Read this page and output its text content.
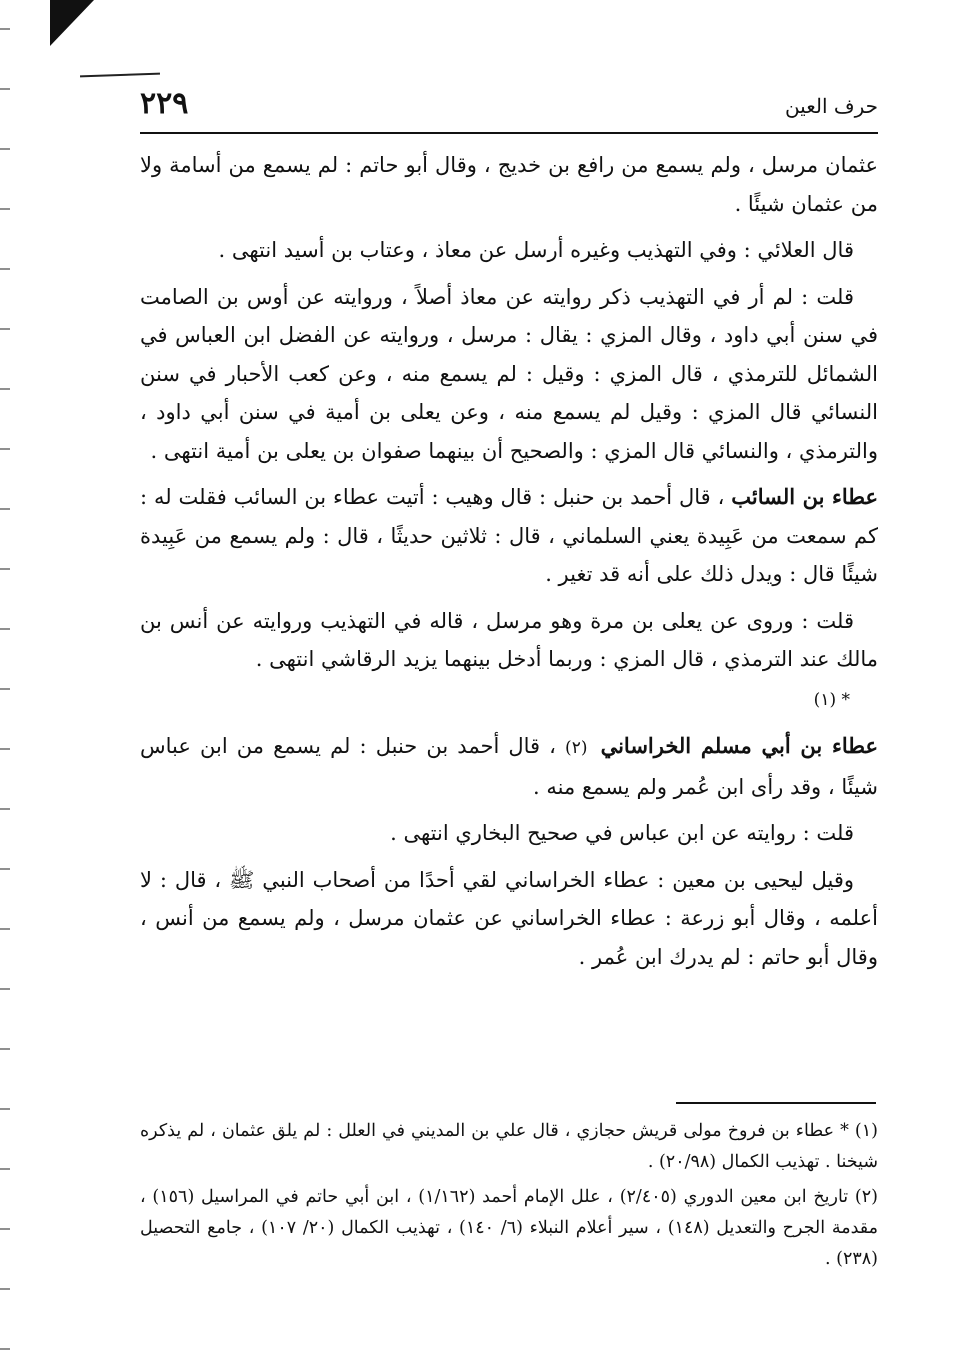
٢٢٩	حرف العين

عثمان مرسل ، ولم يسمع من رافع بن خديج ، وقال أبو حاتم : لم يسمع من أسامة ولا من عثمان شيئًا .

قال العلائي : وفي التهذيب وغيره أرسل عن معاذ ، وعتاب بن أسيد انتهى .

قلت : لم أر في التهذيب ذكر روايته عن معاذ أصلاً ، وروايته عن أوس بن الصامت في سنن أبي داود ، وقال المزي : يقال : مرسل ، وروايته عن الفضل ابن العباس في الشمائل للترمذي ، قال المزي : وقيل : لم يسمع منه ، وعن كعب الأحبار في سنن النسائي قال المزي : وقيل لم يسمع منه ، وعن يعلى بن أمية في سنن أبي داود ، والترمذي ، والنسائي قال المزي : والصحيح أن بينهما صفوان بن يعلى بن أمية انتهى .

عطاء بن السائب ، قال أحمد بن حنبل : قال وهيب : أتيت عطاء بن السائب فقلت له : كم سمعت من عَبِيدة يعني السلماني ، قال : ثلاثين حديثًا ، قال : ولم يسمع من عَبِيدة شيئًا قال : ويدل ذلك على أنه قد تغير .

قلت : وروى عن يعلى بن مرة وهو مرسل ، قاله في التهذيب وروايته عن أنس بن مالك عند الترمذي ، قال المزي : وربما أدخل بينهما يزيد الرقاشي انتهى .
* (١)

عطاء بن أبي مسلم الخراساني (٢) ، قال أحمد بن حنبل : لم يسمع من ابن عباس شيئًا ، وقد رأى ابن عُمر ولم يسمع منه .

قلت : روايته عن ابن عباس في صحيح البخاري انتهى .

وقيل ليحيى بن معين : عطاء الخراساني لقي أحدًا من أصحاب النبي ﷺ ، قال : لا أعلمه ، وقال أبو زرعة : عطاء الخراساني عن عثمان مرسل ، ولم يسمع من أنس ، وقال أبو حاتم : لم يدرك ابن عُمر .

(١) * عطاء بن فروخ مولى قريش حجازي ، قال علي بن المديني في العلل : لم يلق عثمان ، لم يذكره شيخنا . تهذيب الكمال (٢٠/٩٨) .

(٢) تاريخ ابن معين الدوري (٢/٤٠٥) ، علل الإمام أحمد (١/١٦٢) ، ابن أبي حاتم في المراسيل (١٥٦) ، مقدمة الجرح والتعديل (١٤٨) ، سير أعلام النبلاء (٦/ ١٤٠) ، تهذيب الكمال (٢٠/ ١٠٧) ، جامع التحصيل (٢٣٨) .
